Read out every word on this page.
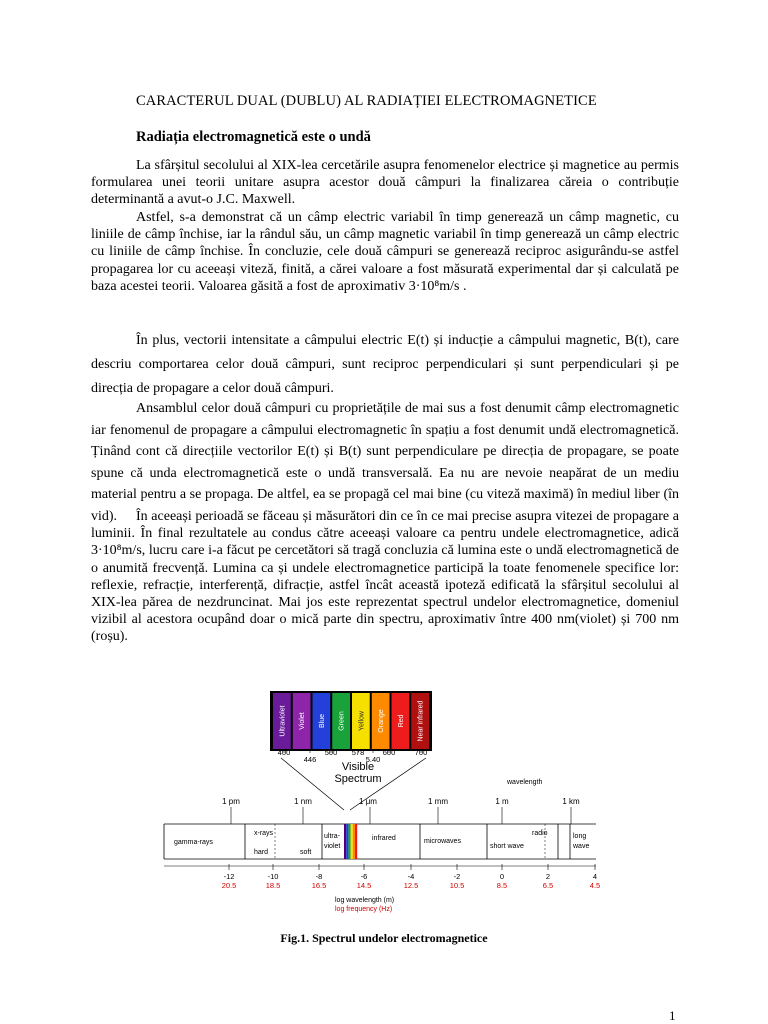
CARACTERUL DUAL (DUBLU) AL RADIAȚIEI ELECTROMAGNETICE
Radiația electromagnetică este o undă

La sfârșitul secolului al XIX-lea cercetările asupra fenomenelor electrice și magnetice au permis formularea unei teorii unitare asupra acestor două câmpuri la finalizarea căreia o contribuție determinantă a avut-o J.C. Maxwell.

Astfel, s-a demonstrat că un câmp electric variabil în timp generează un câmp magnetic, cu liniile de câmp închise, iar la rândul său, un câmp magnetic variabil în timp generează un câmp electric cu liniile de câmp închise. În concluzie, cele două câmpuri se generează reciproc asigurându-se astfel propagarea lor cu aceeași viteză, finită, a cărei valoare a fost măsurată experimental dar și calculată pe baza acestei teorii. Valoarea găsită a fost de aproximativ 3·10⁸m/s .

În plus, vectorii intensitate a câmpului electric E(t) și inducție a câmpului magnetic, B(t), care descriu comportarea celor două câmpuri, sunt reciproc perpendiculari și sunt perpendiculari și pe direcția de propagare a celor două câmpuri.

Ansamblul celor două câmpuri cu proprietățile de mai sus a fost denumit câmp electromagnetic iar fenomenul de propagare a câmpului electromagnetic în spațiu a fost denumit undă electromagnetică. Ținând cont că direcțiile vectorilor E(t) și B(t) sunt perpendiculare pe direcția de propagare, se poate spune că unda electromagnetică este o undă transversală. Ea nu are nevoie neapărat de un mediu material pentru a se propaga. De altfel, ea se propagă cel mai bine (cu viteză maximă) în mediul liber (în vid).	În aceeași perioadă se făceau și măsurători din ce în ce mai precise asupra vitezei de propagare a luminii. În final rezultatele au condus către aceeași valoare ca pentru undele electromagnetice, adică 3·10⁸m/s, lucru care i-a făcut pe cercetători să tragă concluzia că lumina este o undă electromagnetică de o anumită frecvență. Lumina ca și undele electromagnetice participă la toate fenomenele specifice lor: reflexie, refracție, interferență, difracție, astfel încât această ipoteză edificată la sfârșitul secolului al XIX-lea părea de nezdruncinat. Mai jos este reprezentat spectrul undelor electromagnetice, domeniul vizibil al acestora ocupând doar o mică parte din spectru, aproximativ între 400 nm(violet) și 700 nm (roșu).

Ultraviolet Violet Blue Green Yellow Orange Red Near infrared
400
446
500 578
5.40
600	700
Visible
Spectrum	wavelength
1 pm	1 nm	1 μm	1 mm	1 m	1 km
gamma-rays
x-rays
hard	soft
ultra-
violet
infrared	microwaves
radio
short wave
long
wave
-12
20.5
-10
18.5
-8
16.5
-6
14.5
-4
12.5
-2
10.5
0
8.5
2
6.5
4
4.5
log wavelength (m)
log frequency (Hz)
Fig.1. Spectrul undelor electromagnetice
1
